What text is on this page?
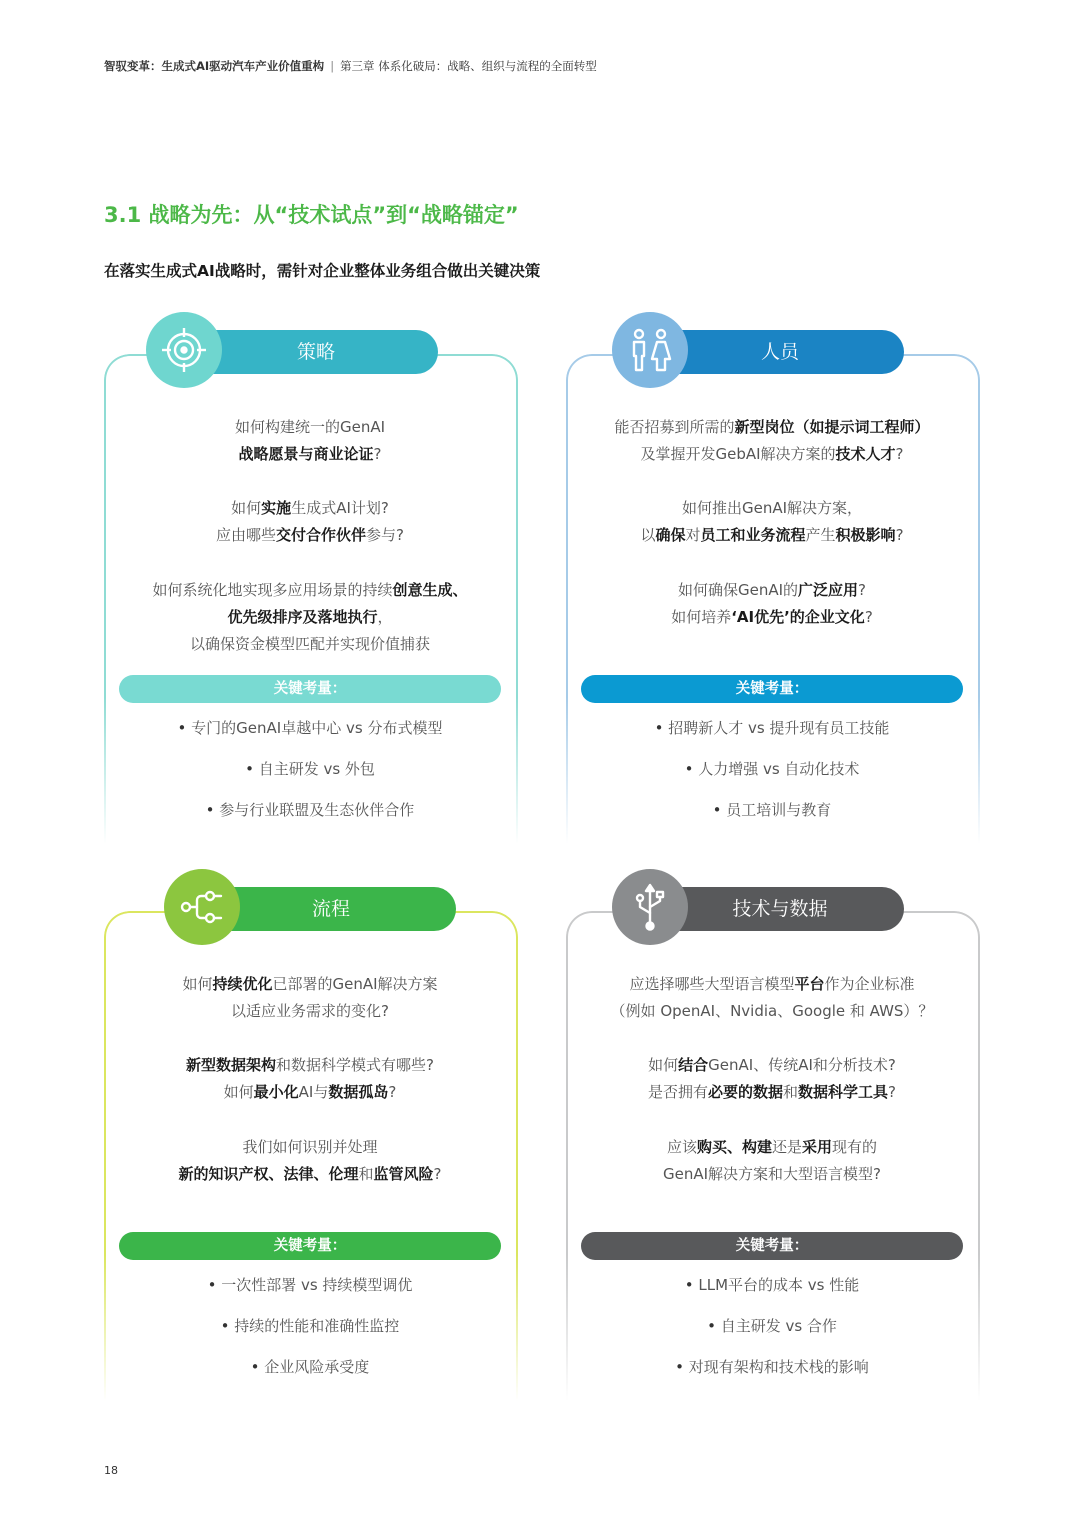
智驭变革：生成式AI驱动汽车产业价值重构 | 第三章 体系化破局：战略、组织与流程的全面转型
3.1 战略为先：从“技术试点”到“战略锚定”
在落实生成式AI战略时，需针对企业整体业务组合做出关键决策
策略
如何构建统一的GenAI
战略愿景与商业论证?
如何实施生成式AI计划?
应由哪些交付合作伙伴参与?
如何系统化地实现多应用场景的持续创意生成、
优先级排序及落地执行，
以确保资金模型匹配并实现价值捕获
关键考量：
• 专门的GenAI卓越中心 vs 分布式模型
• 自主研发 vs 外包
• 参与行业联盟及生态伙伴合作
人员
能否招募到所需的新型岗位（如提示词工程师）
及掌握开发GebAI解决方案的技术人才?
如何推出GenAI解决方案，
以确保对员工和业务流程产生积极影响?
如何确保GenAI的广泛应用?
如何培养‘AI优先’的企业文化?
关键考量：
• 招聘新人才 vs 提升现有员工技能
• 人力增强 vs 自动化技术
• 员工培训与教育
流程
如何持续优化已部署的GenAI解决方案
以适应业务需求的变化?
新型数据架构和数据科学模式有哪些?
如何最小化AI与数据孤岛?
我们如何识别并处理
新的知识产权、法律、伦理和监管风险?
关键考量：
• 一次性部署 vs 持续模型调优
• 持续的性能和准确性监控
• 企业风险承受度
技术与数据
应选择哪些大型语言模型平台作为企业标准
（例如 OpenAI、Nvidia、Google 和 AWS）？
如何结合GenAI、传统AI和分析技术?
是否拥有必要的数据和数据科学工具?
应该购买、构建还是采用现有的
GenAI解决方案和大型语言模型?
关键考量：
• LLM平台的成本 vs 性能
• 自主研发 vs 合作
• 对现有架构和技术栈的影响
18
